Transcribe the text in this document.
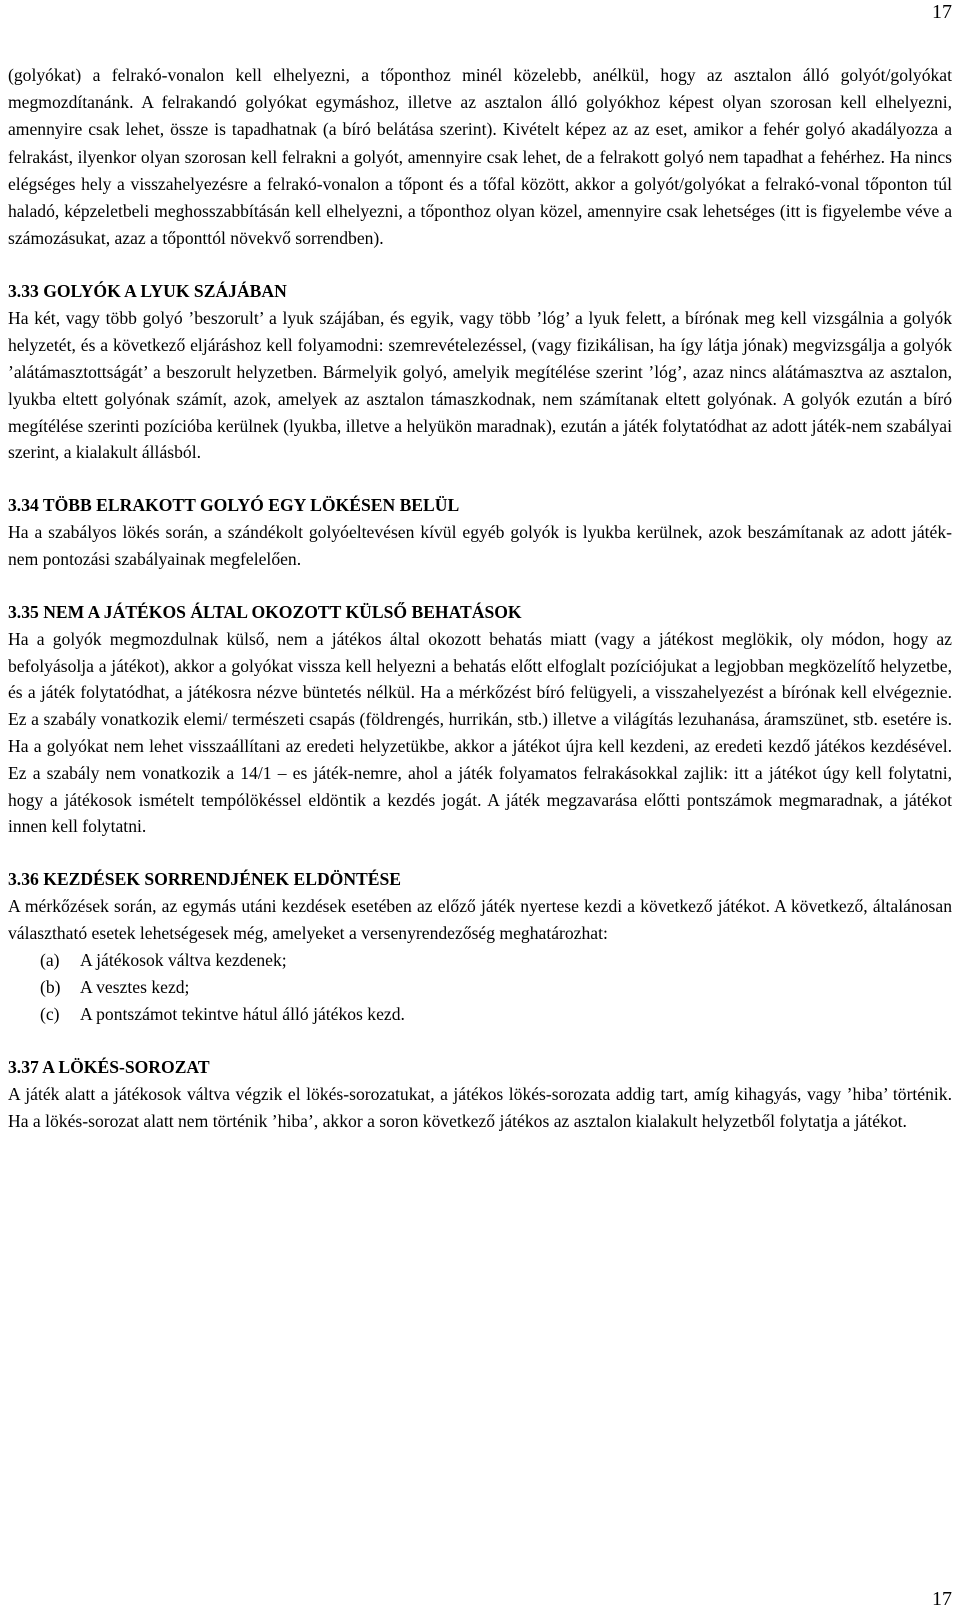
17

(golyókat) a felrakó-vonalon kell elhelyezni, a tőponthoz minél közelebb, anélkül, hogy az asztalon álló golyót/golyókat megmozdítanánk. A felrakandó golyókat egymáshoz, illetve az asztalon álló golyókhoz képest olyan szorosan kell elhelyezni, amennyire csak lehet, össze is tapadhatnak (a bíró belátása szerint). Kivételt képez az az eset, amikor a fehér golyó akadályozza a felrakást, ilyenkor olyan szorosan kell felrakni a golyót, amennyire csak lehet, de a felrakott golyó nem tapadhat a fehérhez. Ha nincs elégséges hely a visszahelyezésre a felrakó-vonalon a tőpont és a tőfal között, akkor a golyót/golyókat a felrakó-vonal tőponton túl haladó, képzeletbeli meghosszabbításán kell elhelyezni, a tőponthoz olyan közel, amennyire csak lehetséges (itt is figyelembe véve a számozásukat, azaz a tőponttól növekvő sorrendben).

3.33 GOLYÓK A LYUK SZÁJÁBAN

Ha két, vagy több golyó ’beszorult’ a lyuk szájában, és egyik, vagy több ’lóg’ a lyuk felett, a bírónak meg kell vizsgálnia a golyók helyzetét, és a következő eljáráshoz kell folyamodni: szemrevételezéssel, (vagy fizikálisan, ha így látja jónak) megvizsgálja a golyók ’alátámasztottságát’ a beszorult helyzetben. Bármelyik golyó, amelyik megítélése szerint ’lóg’, azaz nincs alátámasztva az asztalon, lyukba eltett golyónak számít, azok, amelyek az asztalon támaszkodnak, nem számítanak eltett golyónak. A golyók ezután a bíró megítélése szerinti pozícióba kerülnek (lyukba, illetve a helyükön maradnak), ezután a játék folytatódhat az adott játék-nem szabályai szerint, a kialakult állásból.

3.34 TÖBB ELRAKOTT GOLYÓ EGY LÖKÉSEN BELÜL

Ha a szabályos lökés során, a szándékolt golyóeltevésen kívül egyéb golyók is lyukba kerülnek, azok beszámítanak az adott játék-nem pontozási szabályainak megfelelően.

3.35 NEM A JÁTÉKOS ÁLTAL OKOZOTT KÜLSŐ BEHATÁSOK

Ha a golyók megmozdulnak külső, nem a játékos által okozott behatás miatt (vagy a játékost meglökik, oly módon, hogy az befolyásolja a játékot), akkor a golyókat vissza kell helyezni a behatás előtt elfoglalt pozíciójukat a legjobban megközelítő helyzetbe, és a játék folytatódhat, a játékosra nézve büntetés nélkül. Ha a mérkőzést bíró felügyeli, a visszahelyezést a bírónak kell elvégeznie. Ez a szabály vonatkozik elemi/ természeti csapás (földrengés, hurrikán, stb.) illetve a világítás lezuhanása, áramszünet, stb. esetére is. Ha a golyókat nem lehet visszaállítani az eredeti helyzetükbe, akkor a játékot újra kell kezdeni, az eredeti kezdő játékos kezdésével. Ez a szabály nem vonatkozik a 14/1 – es játék-nemre, ahol a játék folyamatos felrakásokkal zajlik: itt a játékot úgy kell folytatni, hogy a játékosok ismételt tempólökéssel eldöntik a kezdés jogát. A játék megzavarása előtti pontszámok megmaradnak, a játékot innen kell folytatni.

3.36 KEZDÉSEK SORRENDJÉNEK ELDÖNTÉSE

A mérkőzések során, az egymás utáni kezdések esetében az előző játék nyertese kezdi a következő játékot. A következő, általánosan választható esetek lehetségesek még, amelyeket a versenyrendezőség meghatározhat:

(a) A játékosok váltva kezdenek;
(b) A vesztes kezd;
(c) A pontszámot tekintve hátul álló játékos kezd.

3.37 A LÖKÉS-SOROZAT

A játék alatt a játékosok váltva végzik el lökés-sorozatukat, a játékos lökés-sorozata addig tart, amíg kihagyás, vagy ’hiba’ történik. Ha a lökés-sorozat alatt nem történik ’hiba’, akkor a soron következő játékos az asztalon kialakult helyzetből folytatja a játékot.

17
